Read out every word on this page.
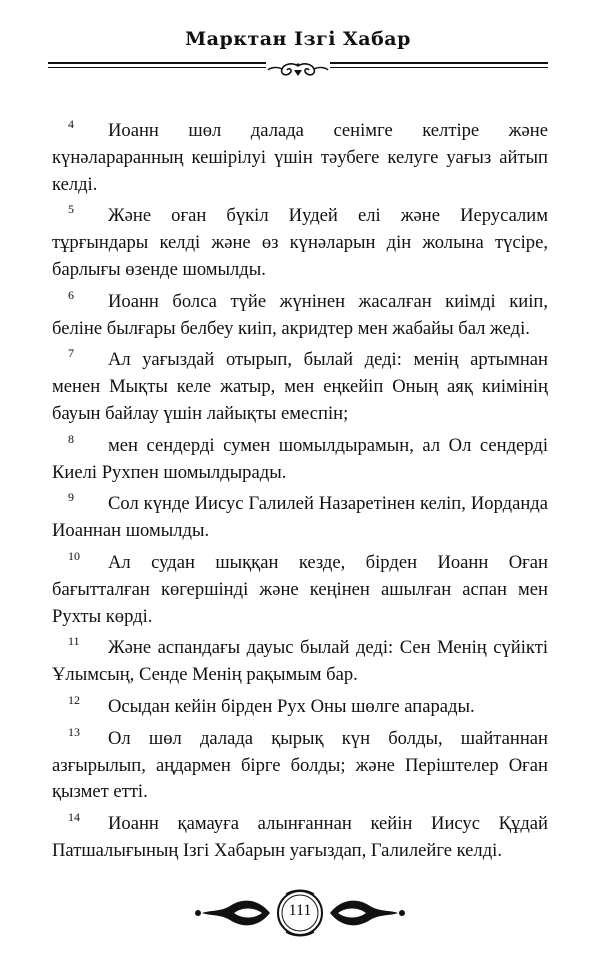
Марктан Ізгі Хабар

4 Иоанн шөл далада сенімге келтіре және күнәлараранның кешірілуі үшін тәубеге келуге уағыз айтып келді.

5 Және оған бүкіл Иудей елі және Иерусалим тұрғындары келді және өз күнәларын дін жолына түсіре, барлығы өзенде шомылды.

6 Иоанн болса түйе жүнінен жасалған киімді киіп, беліне былғары белбеу киіп, акридтер мен жабайы бал жеді.

7 Ал уағыздай отырып, былай деді: менің артымнан менен Мықты келе жатыр, мен еңкейіп Оның аяқ киімінің бауын байлау үшін лайықты емеспін;

8 мен сендерді сумен шомылдырамын, ал Ол сендерді Киелі Рухпен шомылдырады.

9 Сол күнде Иисус Галилей Назаретінен келіп, Иорданда Иоаннан шомылды.

10 Ал судан шыққан кезде, бірден Иоанн Оған бағытталған көгершінді және кеңінен ашылған аспан мен Рухты көрді.

11 Және аспандағы дауыс былай деді: Сен Менің сүйікті Ұлымсың, Сенде Менің рақымым бар.

12 Осыдан кейін бірден Рух Оны шөлге апарады.

13 Ол шөл далада қырық күн болды, шайтаннан азғырылып, аңдармен бірге болды; және Періштелер Оған қызмет етті.

14 Иоанн қамауға алынғаннан кейін Иисус Құдай Патшалығының Ізгі Хабарын уағыздап, Галилейге келді.

111
